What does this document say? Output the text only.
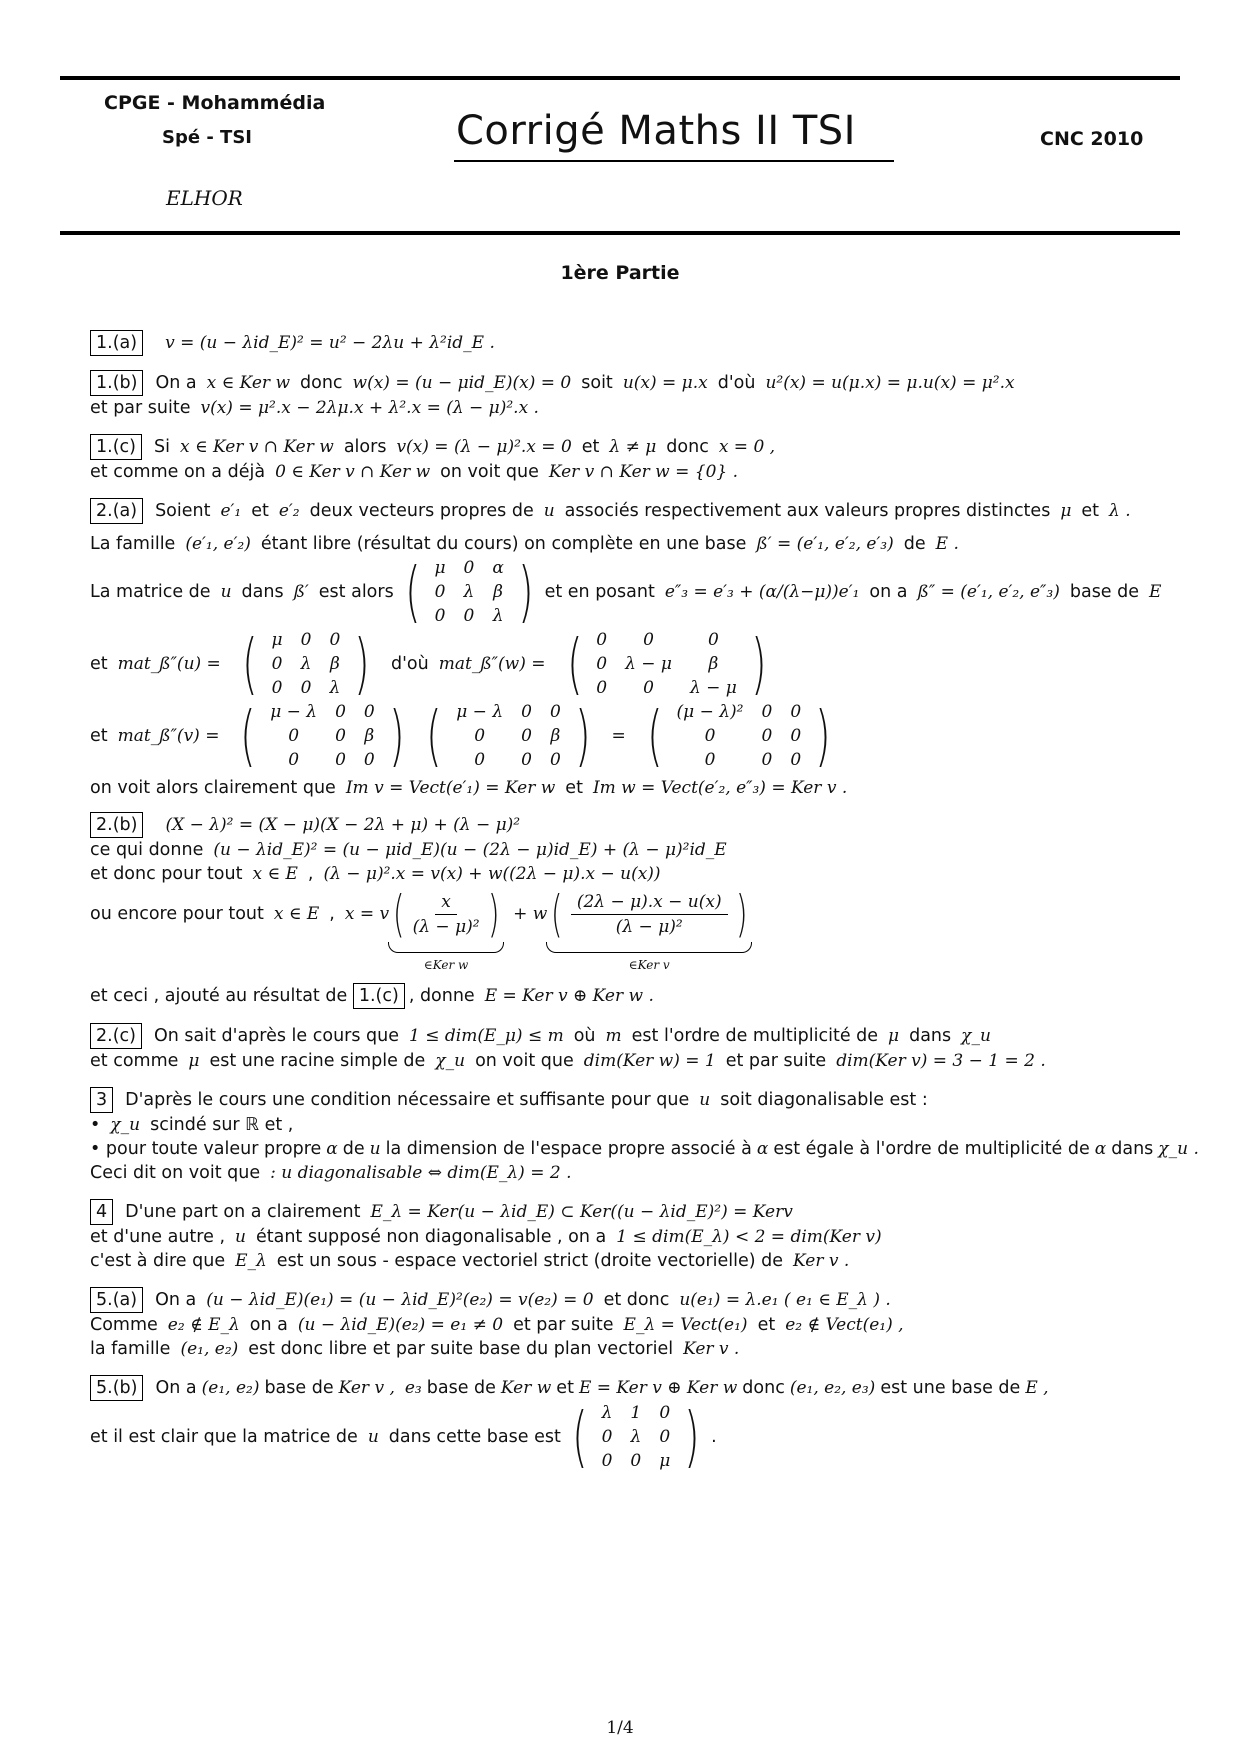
CPGE - Mohammédia
Spé - TSI	Corrigé Maths II TSI	CNC 2010
ELHOR
1ère Partie
1.(a) v = (u − λid_E)² = u² − 2λu + λ²id_E .
1.(b) On a x ∈ Ker w donc w(x) = (u − μid_E)(x) = 0 soit u(x) = μ.x d'où u²(x) = u(μ.x) = μ.u(x) = μ².x
et par suite v(x) = μ².x − 2λμ.x + λ².x = (λ − μ)².x .
1.(c) Si x ∈ Ker v ∩ Ker w alors v(x) = (λ − μ)².x = 0 et λ ≠ μ donc x = 0 ,
et comme on a déjà 0 ∈ Ker v ∩ Ker w on voit que Ker v ∩ Ker w = {0} .
2.(a) Soient e′₁ et e′₂ deux vecteurs propres de u associés respectivement aux valeurs propres distinctes μ et λ .
La famille (e′₁, e′₂) étant libre (résultat du cours) on complète en une base ß′ = (e′₁, e′₂, e′₃) de E .
La matrice de u dans ß′ est alors ( μ	0	α
0	λ	β
0	0	λ ) et en posant e″₃ = e′₃ + (α/(λ−μ))e′₁ on a ß″ = (e′₁, e′₂, e″₃) base de E
et mat_ß″(u) = ( μ	0	0
0	λ	β
0	0	λ ) d'où mat_ß″(w) = ( 0	0	0
0	λ − μ	β
0	0	λ − μ )
et mat_ß″(v) = ( μ − λ	0	0
0	0	β
0	0	0 ) ( μ − λ	0	0
0	0	β
0	0	0 ) = ( (μ − λ)²	0	0
0	0	0
0	0	0 )
on voit alors clairement que Im v = Vect(e′₁) = Ker w et Im w = Vect(e′₂, e″₃) = Ker v .
2.(b) (X − λ)² = (X − μ)(X − 2λ + μ) + (λ − μ)²
ce qui donne (u − λid_E)² = (u − μid_E)(u − (2λ − μ)id_E) + (λ − μ)²id_E
et donc pour tout x ∈ E , (λ − μ)².x = v(x) + w((2λ − μ).x − u(x))
ou encore pour tout x ∈ E , x = v ( $\frac{x}{\text{(λ − μ)²}}$ )
∈Ker w
+ w ( $\frac{(2\lambda - \mu).x - u(x)}{\text{(λ − μ)²}}$ )
∈Ker v
et ceci , ajouté au résultat de 1.(c) , donne E = Ker v ⊕ Ker w .
2.(c) On sait d'après le cours que 1 ≤ dim(E_μ) ≤ m où m est l'ordre de multiplicité de μ dans χ_u
et comme μ est une racine simple de χ_u on voit que dim(Ker w) = 1 et par suite dim(Ker v) = 3 − 1 = 2 .
3 D'après le cours une condition nécessaire et suffisante pour que u soit diagonalisable est :
• χ_u scindé sur ℝ et ,
• pour toute valeur propre α de u la dimension de l'espace propre associé à α est égale à l'ordre de multiplicité de α dans χ_u .
Ceci dit on voit que : u diagonalisable ⇔ dim(E_λ) = 2 .
4 D'une part on a clairement E_λ = Ker(u − λid_E) ⊂ Ker((u − λid_E)²) = Kerv
et d'une autre , u étant supposé non diagonalisable , on a 1 ≤ dim(E_λ) < 2 = dim(Ker v)
c'est à dire que E_λ est un sous - espace vectoriel strict (droite vectorielle) de Ker v .
5.(a) On a (u − λid_E)(e₁) = (u − λid_E)²(e₂) = v(e₂) = 0 et donc u(e₁) = λ.e₁ ( e₁ ∈ E_λ ) .
Comme e₂ ∉ E_λ on a (u − λid_E)(e₂) = e₁ ≠ 0 et par suite E_λ = Vect(e₁) et e₂ ∉ Vect(e₁) ,
la famille (e₁, e₂) est donc libre et par suite base du plan vectoriel Ker v .
5.(b) On a (e₁, e₂) base de Ker v , e₃ base de Ker w et E = Ker v ⊕ Ker w donc (e₁, e₂, e₃) est une base de E ,
et il est clair que la matrice de u dans cette base est ( λ	1	0
0	λ	0
0	0	μ ) .
1/4
